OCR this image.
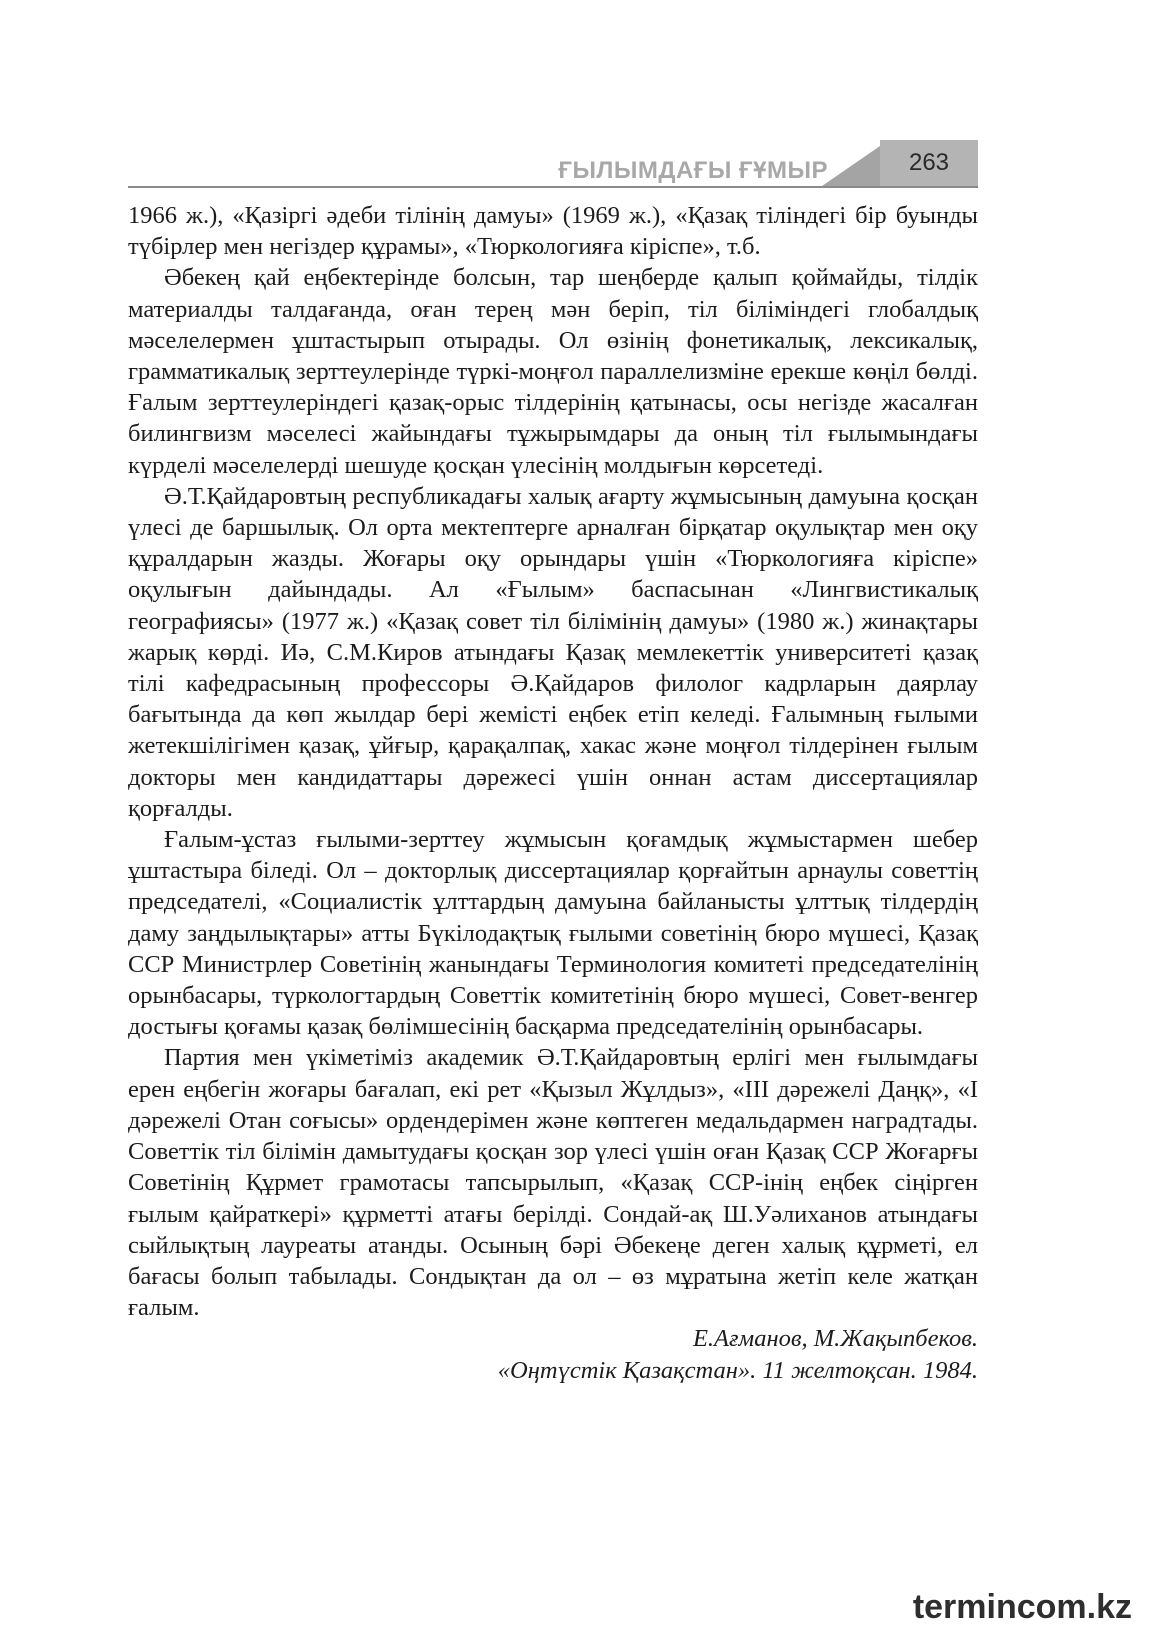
ҒЫЛЫМДАҒЫ ҒҰМЫР	263

1966 ж.), «Қазіргі әдеби тілінің дамуы» (1969 ж.), «Қазақ тіліндегі бір буынды түбірлер мен негіздер құрамы», «Тюркологияға кіріспе», т.б.

Әбекең қай еңбектерінде болсын, тар шеңберде қалып қоймайды, тілдік материалды талдағанда, оған терең мән беріп, тіл біліміндегі глобалдық мәселелермен ұштастырып отырады. Ол өзінің фонетикалық, лексикалық, грамматикалық зерттеулерінде түркі-моңғол параллелизміне ерекше көңіл бөлді. Ғалым зерттеулеріндегі қазақ-орыс тілдерінің қатынасы, осы негізде жасалған билингвизм мәселесі жайындағы тұжырымдары да оның тіл ғылымындағы күрделі мәселелерді шешуде қосқан үлесінің молдығын көрсетеді.

Ә.Т.Қайдаровтың республикадағы халық ағарту жұмысының дамуына қосқан үлесі де баршылық. Ол орта мектептерге арналған бірқатар оқулықтар мен оқу құралдарын жазды. Жоғары оқу орындары үшін «Тюркологияға кіріспе» оқулығын дайындады. Ал «Ғылым» баспасынан «Лингвистикалық географиясы» (1977 ж.) «Қазақ совет тіл білімінің дамуы» (1980 ж.) жинақтары жарық көрді. Иә, С.М.Киров атындағы Қазақ мемлекеттік университеті қазақ тілі кафедрасының профессоры Ә.Қайдаров филолог кадрларын даярлау бағытында да көп жылдар бері жемісті еңбек етіп келеді. Ғалымның ғылыми жетекшілігімен қазақ, ұйғыр, қарақалпақ, хакас және моңғол тілдерінен ғылым докторы мен кандидаттары дәрежесі үшін оннан астам диссертациялар қорғалды.

Ғалым-ұстаз ғылыми-зерттеу жұмысын қоғамдық жұмыстармен шебер ұштастыра біледі. Ол – докторлық диссертациялар қорғайтын арнаулы советтің председателі, «Социалистік ұлттардың дамуына байланысты ұлттық тілдердің даму заңдылықтары» атты Бүкілодақтық ғылыми советінің бюро мүшесі, Қазақ ССР Министрлер Советінің жанындағы Терминология комитеті председателінің орынбасары, түркологтардың Советтік комитетінің бюро мүшесі, Совет-венгер достығы қоғамы қазақ бөлімшесінің басқарма председателінің орынбасары.

Партия мен үкіметіміз академик Ә.Т.Қайдаровтың ерлігі мен ғылымдағы ерен еңбегін жоғары бағалап, екі рет «Қызыл Жұлдыз», «ІІІ дәрежелі Даңқ», «І дәрежелі Отан соғысы» ордендерімен және көптеген медальдармен наградтады. Советтік тіл білімін дамытудағы қосқан зор үлесі үшін оған Қазақ ССР Жоғарғы Советінің Құрмет грамотасы тапсырылып, «Қазақ ССР-інің еңбек сіңірген ғылым қайраткері» құрметті атағы берілді. Сондай-ақ Ш.Уәлиханов атындағы сыйлықтың лауреаты атанды. Осының бәрі Әбекеңе деген халық құрметі, ел бағасы болып табылады. Сондықтан да ол – өз мұратына жетіп келе жатқан ғалым.

Е.Ағманов, М.Жақыпбеков.

«Оңтүстік Қазақстан». 11 желтоқсан. 1984.

termincom.kz
